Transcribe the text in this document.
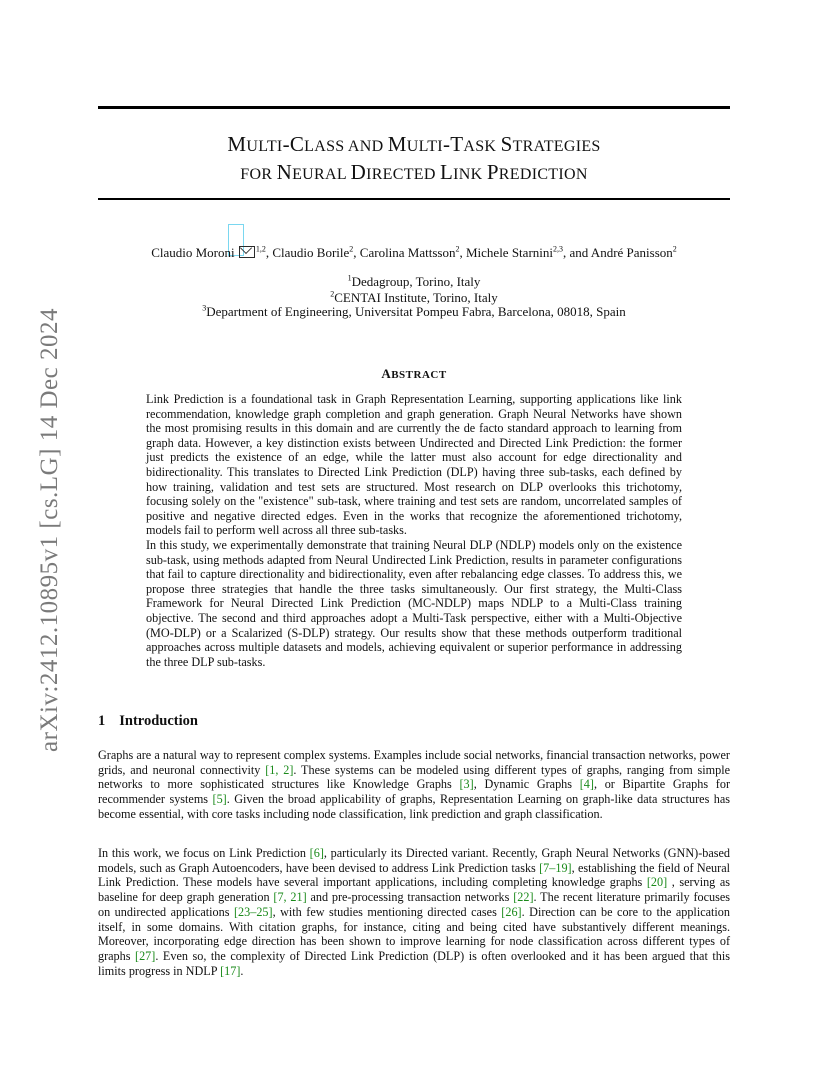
arXiv:2412.10895v1 [cs.LG] 14 Dec 2024
MULTI-CLASS AND MULTI-TASK STRATEGIES
FOR NEURAL DIRECTED LINK PREDICTION
Claudio Moroni	$^{1,2}$, Claudio Borile$^2$, Carolina Mattsson$^2$, Michele Starnini$^{2,3}$, and André Panisson$^2$
$^1$Dedagroup, Torino, Italy
$^2$CENTAI Institute, Torino, Italy
$^3$Department of Engineering, Universitat Pompeu Fabra, Barcelona, 08018, Spain
ABSTRACT

Link Prediction is a foundational task in Graph Representation Learning, supporting applications like link recommendation, knowledge graph completion and graph generation. Graph Neural Networks have shown the most promising results in this domain and are currently the de facto standard approach to learning from graph data. However, a key distinction exists between Undirected and Directed Link Prediction: the former just predicts the existence of an edge, while the latter must also account for edge directionality and bidirectionality. This translates to Directed Link Prediction (DLP) having three sub-tasks, each defined by how training, validation and test sets are structured. Most research on DLP overlooks this trichotomy, focusing solely on the "existence" sub-task, where training and test sets are random, uncorrelated samples of positive and negative directed edges. Even in the works that recognize the aforementioned trichotomy, models fail to perform well across all three sub-tasks.

In this study, we experimentally demonstrate that training Neural DLP (NDLP) models only on the existence sub-task, using methods adapted from Neural Undirected Link Prediction, results in parameter configurations that fail to capture directionality and bidirectionality, even after rebalancing edge classes. To address this, we propose three strategies that handle the three tasks simultaneously. Our first strategy, the Multi-Class Framework for Neural Directed Link Prediction (MC-NDLP) maps NDLP to a Multi-Class training objective. The second and third approaches adopt a Multi-Task perspective, either with a Multi-Objective (MO-DLP) or a Scalarized (S-DLP) strategy. Our results show that these methods outperform traditional approaches across multiple datasets and models, achieving equivalent or superior performance in addressing the three DLP sub-tasks.

1 Introduction

Graphs are a natural way to represent complex systems. Examples include social networks, financial transaction networks, power grids, and neuronal connectivity [1, 2]. These systems can be modeled using different types of graphs, ranging from simple networks to more sophisticated structures like Knowledge Graphs [3], Dynamic Graphs [4], or Bipartite Graphs for recommender systems [5]. Given the broad applicability of graphs, Representation Learning on graph-like data structures has become essential, with core tasks including node classification, link prediction and graph classification.

In this work, we focus on Link Prediction [6], particularly its Directed variant. Recently, Graph Neural Networks (GNN)-based models, such as Graph Autoencoders, have been devised to address Link Prediction tasks [7–19], establishing the field of Neural Link Prediction. These models have several important applications, including completing knowledge graphs [20] , serving as baseline for deep graph generation [7, 21] and pre-processing transaction networks [22]. The recent literature primarily focuses on undirected applications [23–25], with few studies mentioning directed cases [26]. Direction can be core to the application itself, in some domains. With citation graphs, for instance, citing and being cited have substantively different meanings. Moreover, incorporating edge direction has been shown to improve learning for node classification across different types of graphs [27]. Even so, the complexity of Directed Link Prediction (DLP) is often overlooked and it has been argued that this limits progress in NDLP [17].
